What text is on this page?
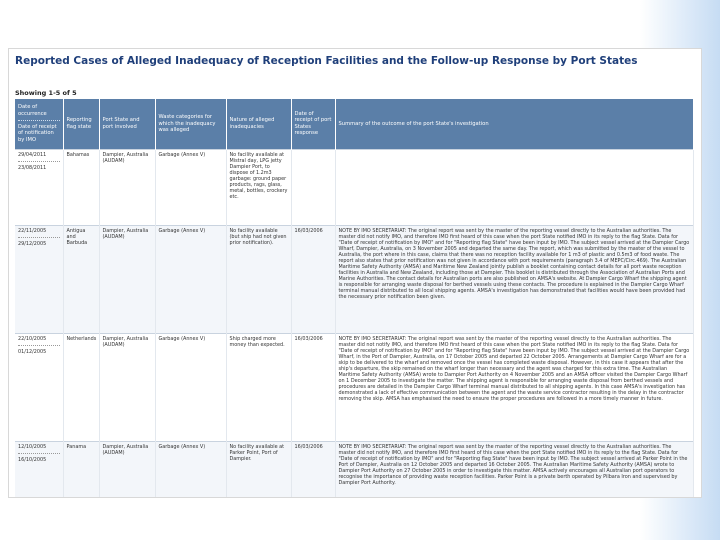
Reported Cases of Alleged Inadequacy of Reception Facilities and the Follow-up Response by Port States
Showing 1-5 of 5
Date of occurrence
Date of receipt of notification by IMO	Reporting flag state	Port State and port involved	Waste categories for which the inadequacy was alleged	Nature of alleged inadequacies	Date of receipt of port States response	Summary of the outcome of the port State's investigation

29/04/2011
23/08/2011	Bahamas	Dampier, Australia (AUDAM)	Garbage (Annex V)	No facility available at Mistral day, LPG jetty Dampier Port, to dispose of 1.2m3 garbage: ground paper products, rags, glass, metal, bottles, crockery etc.		

22/11/2005
29/12/2005	Antigua and Barbuda	Dampier, Australia (AUDAM)	Garbage (Annex V)	No facility available (but ship had not given prior notification).	16/03/2006	NOTE BY IMO SECRETARIAT: The original report was sent by the master of the reporting vessel directly to the Australian authorities. The master did not notify IMO, and therefore IMO first heard of this case when the port State notified IMO in its reply to the flag State. Data for "Date of receipt of notification by IMO" and for "Reporting flag State" have been input by IMO. The subject vessel arrived at the Dampier Cargo Wharf, Dampier, Australia, on 3 November 2005 and departed the same day. The report, which was submitted by the master of the vessel to Australia, the port where in this case, claims that there was no reception facility available for 1 m3 of plastic and 0.5m3 of food waste. The report also states that prior notification was not given in accordance with port requirements (paragraph 3.4 of MEPC/Circ.469). The Australian Maritime Safety Authority (AMSA) and Maritime New Zealand jointly publish a booklet containing contact details for all port waste reception facilities in Australia and New Zealand, including those at Dampier. This booklet is distributed through the Association of Australian Ports and Marine Authorities. The contact details for Australian ports are also published on AMSA's website. At Dampier Cargo Wharf the shipping agent is responsible for arranging waste disposal for berthed vessels using these contacts. The procedure is explained in the Dampier Cargo Wharf terminal manual distributed to all local shipping agents. AMSA's investigation has demonstrated that facilities would have been provided had the necessary prior notification been given.

22/10/2005
01/12/2005	Netherlands	Dampier, Australia (AUDAM)	Garbage (Annex V)	Ship charged more money than expected.	16/03/2006	NOTE BY IMO SECRETARIAT: The original report was sent by the master of the reporting vessel directly to the Australian authorities. The master did not notify IMO, and therefore IMO first heard of this case when the port State notified IMO in its reply to the flag State. Data for "Date of receipt of notification by IMO" and for "Reporting flag State" have been input by IMO. The subject vessel arrived at the Dampier Cargo Wharf, in the Port of Dampier, Australia, on 17 October 2005 and departed 22 October 2005. Arrangements at Dampier Cargo Wharf are for a skip to be delivered to the wharf and removed once the vessel has completed waste disposal. However, in this case it appears that after the ship's departure, the skip remained on the wharf longer than necessary and the agent was charged for this extra time. The Australian Maritime Safety Authority (AMSA) wrote to Dampier Port Authority on 4 November 2005 and an AMSA officer visited the Dampier Cargo Wharf on 1 December 2005 to investigate the matter. The shipping agent is responsible for arranging waste disposal from berthed vessels and procedures are detailed in the Dampier Cargo Wharf terminal manual distributed to all shipping agents. In this case AMSA's investigation has demonstrated a lack of effective communication between the agent and the waste service contractor resulting in the delay in the contractor removing the skip. AMSA has emphasised the need to ensure the proper procedures are followed in a more timely manner in future.

12/10/2005
16/10/2005	Panama	Dampier, Australia (AUDAM)	Garbage (Annex V)	No facility available at Parker Point, Port of Dampier.	16/03/2006	NOTE BY IMO SECRETARIAT: The original report was sent by the master of the reporting vessel directly to the Australian authorities. The master did not notify IMO, and therefore IMO first heard of this case when the port State notified IMO in its reply to the flag State. Data for "Date of receipt of notification by IMO" and for "Reporting flag State" have been input by IMO. The subject vessel arrived at Parker Point in the Port of Dampier, Australia on 12 October 2005 and departed 16 October 2005. The Australian Maritime Safety Authority (AMSA) wrote to Dampier Port Authority on 27 October 2005 in order to investigate this matter. AMSA actively encourages all Australian port operators to recognise the importance of providing waste reception facilities. Parker Point is a private berth operated by Pilbara Iron and supervised by Dampier Port Authority.
